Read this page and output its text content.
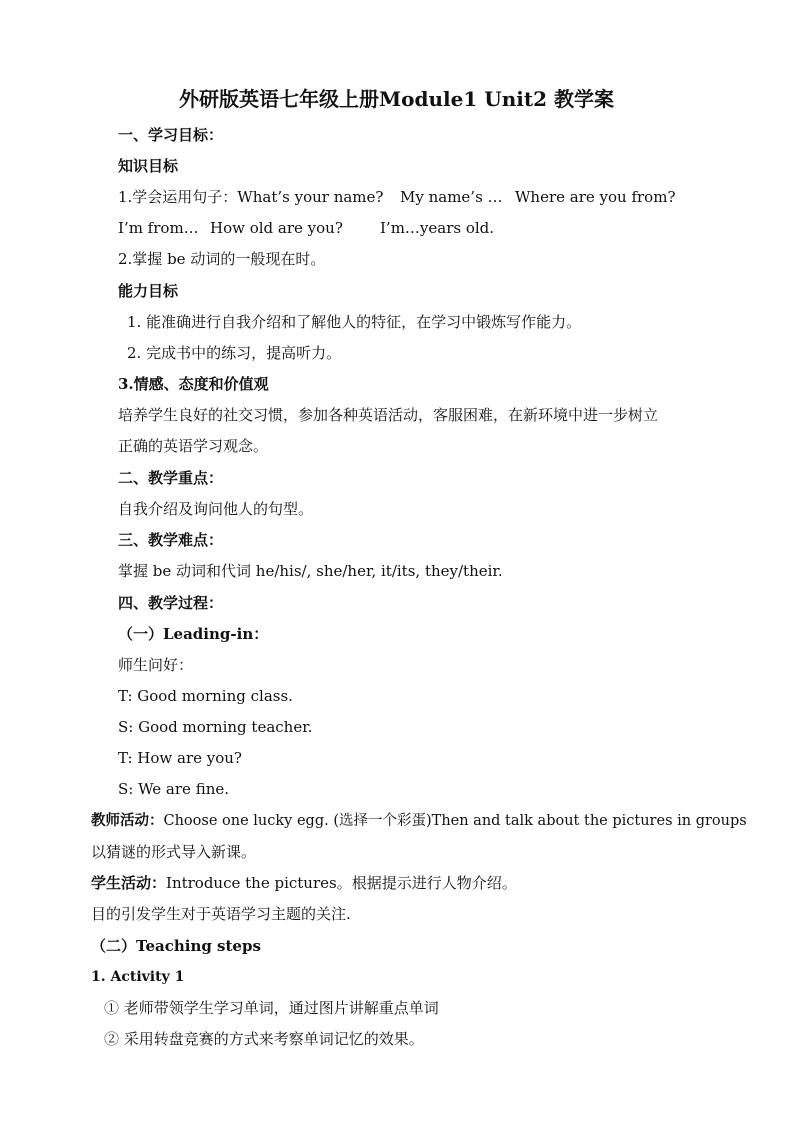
外研版英语七年级上册Module1 Unit2 教学案
一、学习目标：
知识目标
1.学会运用句子：What’s your name? My name’s … Where are you from?
I’m from… How old are you? I’m…years old.
2.掌握 be 动词的一般现在时。
能力目标
1. 能准确进行自我介绍和了解他人的特征，在学习中锻炼写作能力。
2. 完成书中的练习，提高听力。
3.情感、态度和价值观
培养学生良好的社交习惯，参加各种英语活动，客服困难，在新环境中进一步树立
正确的英语学习观念。
二、教学重点：
自我介绍及询问他人的句型。
三、教学难点：
掌握 be 动词和代词 he/his/, she/her, it/its, they/their.
四、教学过程：
（一）Leading-in：
师生问好：
T: Good morning class.
S: Good morning teacher.
T: How are you?
S: We are fine.
教师活动：Choose one lucky egg. (选择一个彩蛋)Then and talk about the pictures in groups
以猜谜的形式导入新课。
学生活动：Introduce the pictures。根据提示进行人物介绍。
目的引发学生对于英语学习主题的关注.
（二）Teaching steps
1. Activity 1
① 老师带领学生学习单词，通过图片讲解重点单词
② 采用转盘竞赛的方式来考察单词记忆的效果。
